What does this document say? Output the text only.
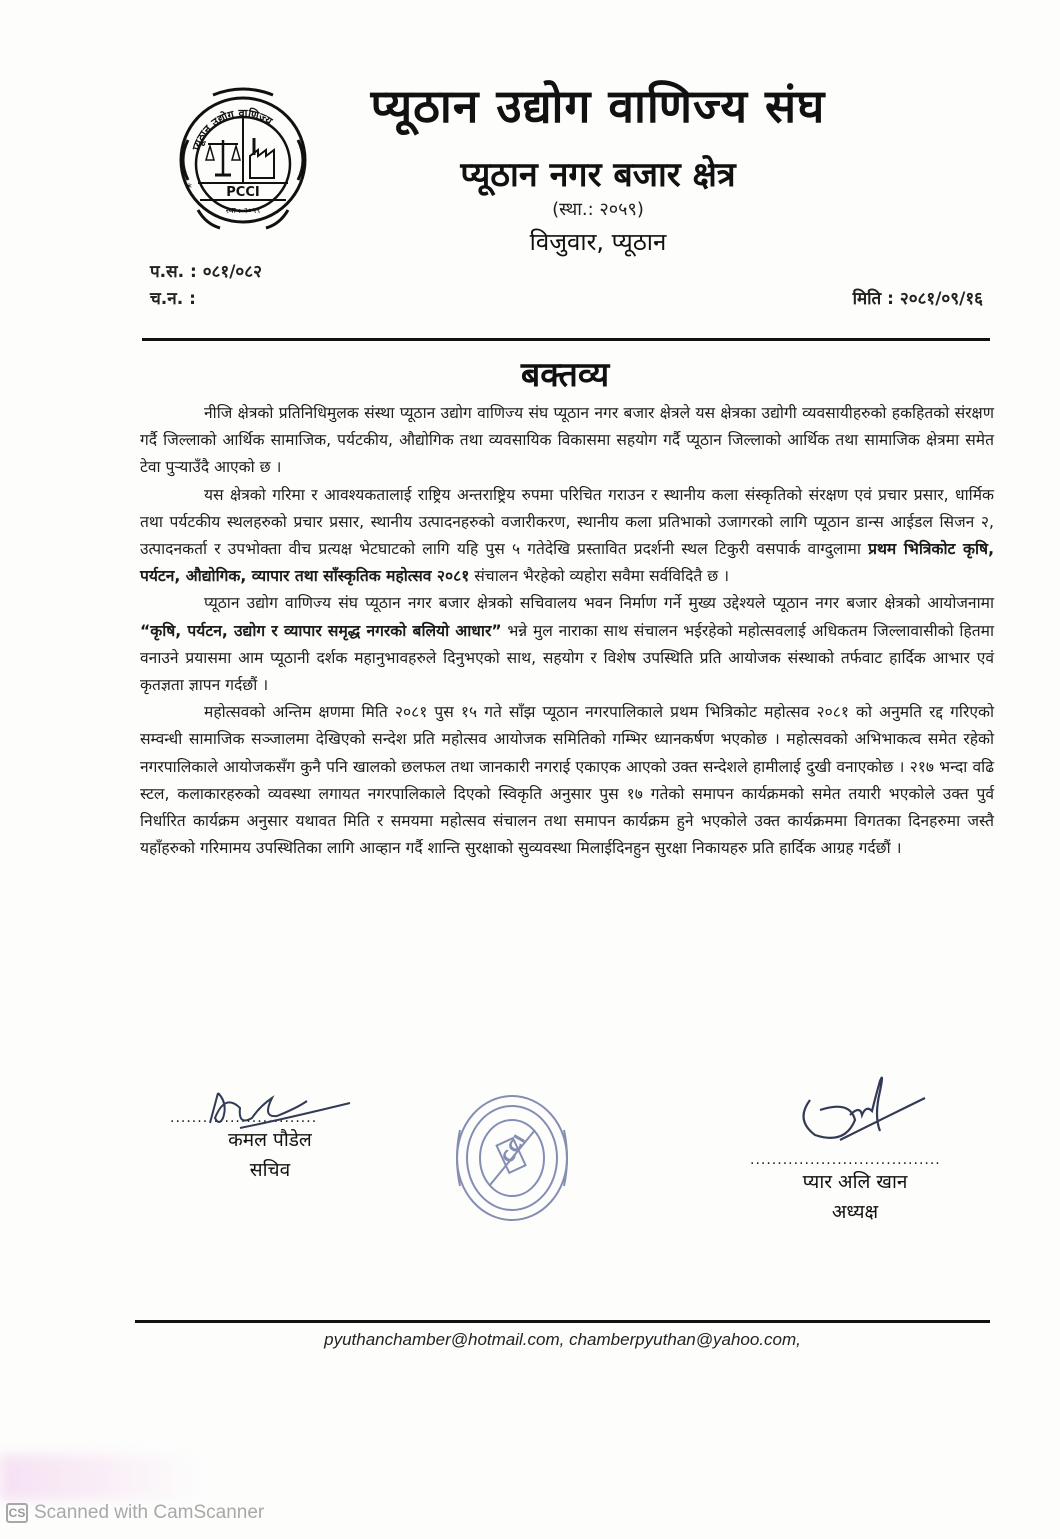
PCCI
स्था : २०५९
प्यूठान उद्योग वाणिज्य
*
प्यूठान उद्योग वाणिज्य संघ
प्यूठान नगर बजार क्षेत्र
(स्था.: २०५९)
विजुवार, प्यूठान
प.स. : ०८१/०८२
च.न. :	मिति : २०८१/०९/१६
बक्तव्य

नीजि क्षेत्रको प्रतिनिधिमुलक संस्था प्यूठान उद्योग वाणिज्य संघ प्यूठान नगर बजार क्षेत्रले यस क्षेत्रका उद्योगी व्यवसायीहरुको हकहितको संरक्षण गर्दै जिल्लाको आर्थिक सामाजिक, पर्यटकीय, औद्योगिक तथा व्यवसायिक विकासमा सहयोग गर्दै प्यूठान जिल्लाको आर्थिक तथा सामाजिक क्षेत्रमा समेत टेवा पुऱ्याउँदै आएको छ ।

यस क्षेत्रको गरिमा र आवश्यकतालाई राष्ट्रिय अन्तराष्ट्रिय रुपमा परिचित गराउन र स्थानीय कला संस्कृतिको संरक्षण एवं प्रचार प्रसार, धार्मिक तथा पर्यटकीय स्थलहरुको प्रचार प्रसार, स्थानीय उत्पादनहरुको वजारीकरण, स्थानीय कला प्रतिभाको उजागरको लागि प्यूठान डान्स आईडल सिजन २, उत्पादनकर्ता र उपभोक्ता वीच प्रत्यक्ष भेटघाटको लागि यहि पुस ५ गतेदेखि प्रस्तावित प्रदर्शनी स्थल टिकुरी वसपार्क वाग्दुलामा प्रथम भित्रिकोट कृषि, पर्यटन, औद्योगिक, व्यापार तथा साँस्कृतिक महोत्सव २०८१ संचालन भैरहेको व्यहोरा सवैमा सर्वविदितै छ ।

प्यूठान उद्योग वाणिज्य संघ प्यूठान नगर बजार क्षेत्रको सचिवालय भवन निर्माण गर्ने मुख्य उद्देश्यले प्यूठान नगर बजार क्षेत्रको आयोजनामा “कृषि, पर्यटन, उद्योग र व्यापार समृद्ध नगरको बलियो आधार” भन्ने मुल नाराका साथ संचालन भईरहेको महोत्सवलाई अधिकतम जिल्लावासीको हितमा वनाउने प्रयासमा आम प्यूठानी दर्शक महानुभावहरुले दिनुभएको साथ, सहयोग र विशेष उपस्थिति प्रति आयोजक संस्थाको तर्फवाट हार्दिक आभार एवं कृतज्ञता ज्ञापन गर्दछौं ।

महोत्सवको अन्तिम क्षणमा मिति २०८१ पुस १५ गते साँझ प्यूठान नगरपालिकाले प्रथम भित्रिकोट महोत्सव २०८१ को अनुमति रद्द गरिएको सम्वन्धी सामाजिक सञ्जालमा देखिएको सन्देश प्रति महोत्सव आयोजक समितिको गम्भिर ध्यानकर्षण भएकोछ । महोत्सवको अभिभाकत्व समेत रहेको नगरपालिकाले आयोजकसँग कुनै पनि खालको छलफल तथा जानकारी नगराई एकाएक आएको उक्त सन्देशले हामीलाई दुखी वनाएकोछ । २१७ भन्दा वढि स्टल, कलाकारहरुको व्यवस्था लगायत नगरपालिकाले दिएको स्विकृति अनुसार पुस १७ गतेको समापन कार्यक्रमको समेत तयारी भएकोले उक्त पुर्व निर्धारित कार्यक्रम अनुसार यथावत मिति र समयमा महोत्सव संचालन तथा समापन कार्यक्रम हुने भएकोले उक्त कार्यक्रममा विगतका दिनहरुमा जस्तै यहाँहरुको गरिमामय उपस्थितिका लागि आव्हान गर्दै शान्ति सुरक्षाको सुव्यवस्था मिलाईदिनहुन सुरक्षा निकायहरु प्रति हार्दिक आग्रह गर्दछौं ।

...........................
कमल पौडेल
सचिव
CCI	...................................
प्यार अलि खान
अध्यक्ष
pyuthanchamber@hotmail.com, chamberpyuthan@yahoo.com,
CS Scanned with CamScanner
